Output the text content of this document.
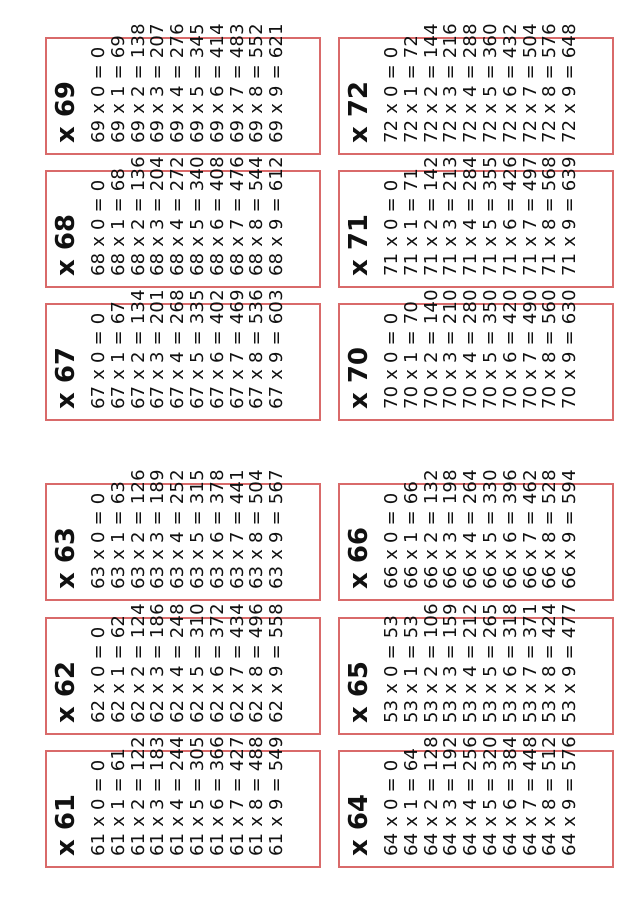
x 61 61 x 0 = 0
61 x 1 = 61
61 x 2 = 122
61 x 3 = 183
61 x 4 = 244
61 x 5 = 305
61 x 6 = 366
61 x 7 = 427
61 x 8 = 488
61 x 9 = 549
x 62 62 x 0 = 0
62 x 1 = 62
62 x 2 = 124
62 x 3 = 186
62 x 4 = 248
62 x 5 = 310
62 x 6 = 372
62 x 7 = 434
62 x 8 = 496
62 x 9 = 558
x 63 63 x 0 = 0
63 x 1 = 63
63 x 2 = 126
63 x 3 = 189
63 x 4 = 252
63 x 5 = 315
63 x 6 = 378
63 x 7 = 441
63 x 8 = 504
63 x 9 = 567
x 64 64 x 0 = 0
64 x 1 = 64
64 x 2 = 128
64 x 3 = 192
64 x 4 = 256
64 x 5 = 320
64 x 6 = 384
64 x 7 = 448
64 x 8 = 512
64 x 9 = 576
x 65 53 x 0 = 53
53 x 1 = 53
53 x 2 = 106
53 x 3 = 159
53 x 4 = 212
53 x 5 = 265
53 x 6 = 318
53 x 7 = 371
53 x 8 = 424
53 x 9 = 477
x 66 66 x 0 = 0
66 x 1 = 66
66 x 2 = 132
66 x 3 = 198
66 x 4 = 264
66 x 5 = 330
66 x 6 = 396
66 x 7 = 462
66 x 8 = 528
66 x 9 = 594
x 67 67 x 0 = 0
67 x 1 = 67
67 x 2 = 134
67 x 3 = 201
67 x 4 = 268
67 x 5 = 335
67 x 6 = 402
67 x 7 = 469
67 x 8 = 536
67 x 9 = 603
x 68 68 x 0 = 0
68 x 1 = 68
68 x 2 = 136
68 x 3 = 204
68 x 4 = 272
68 x 5 = 340
68 x 6 = 408
68 x 7 = 476
68 x 8 = 544
68 x 9 = 612
x 69 69 x 0 = 0
69 x 1 = 69
69 x 2 = 138
69 x 3 = 207
69 x 4 = 276
69 x 5 = 345
69 x 6 = 414
69 x 7 = 483
69 x 8 = 552
69 x 9 = 621
x 70 70 x 0 = 0
70 x 1 = 70
70 x 2 = 140
70 x 3 = 210
70 x 4 = 280
70 x 5 = 350
70 x 6 = 420
70 x 7 = 490
70 x 8 = 560
70 x 9 = 630
x 71 71 x 0 = 0
71 x 1 = 71
71 x 2 = 142
71 x 3 = 213
71 x 4 = 284
71 x 5 = 355
71 x 6 = 426
71 x 7 = 497
71 x 8 = 568
71 x 9 = 639
x 72 72 x 0 = 0
72 x 1 = 72
72 x 2 = 144
72 x 3 = 216
72 x 4 = 288
72 x 5 = 360
72 x 6 = 432
72 x 7 = 504
72 x 8 = 576
72 x 9 = 648
